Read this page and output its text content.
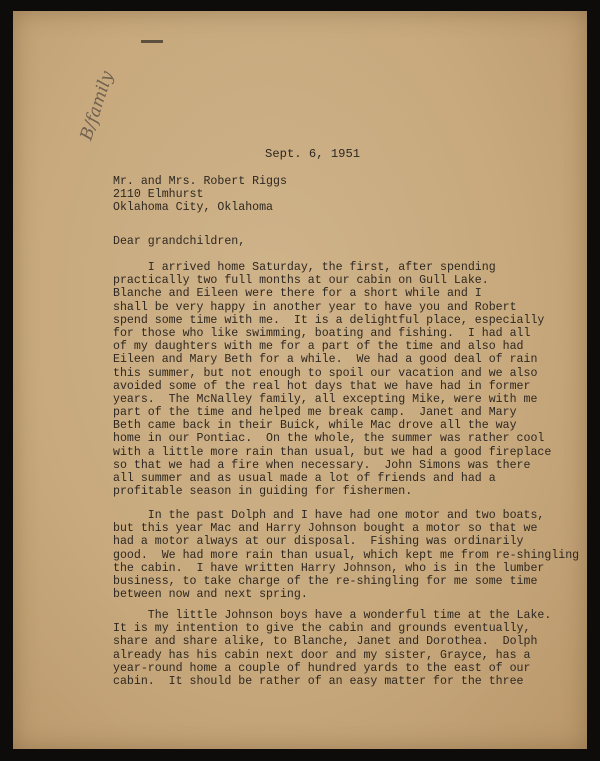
B/family
Sept. 6, 1951
Mr. and Mrs. Robert Riggs
2110 Elmhurst
Oklahoma City, Oklahoma
Dear grandchildren,
I arrived home Saturday, the first, after spending
practically two full months at our cabin on Gull Lake.
Blanche and Eileen were there for a short while and I
shall be very happy in another year to have you and Robert
spend some time with me.  It is a delightful place, especially
for those who like swimming, boating and fishing.  I had all
of my daughters with me for a part of the time and also had
Eileen and Mary Beth for a while.  We had a good deal of rain
this summer, but not enough to spoil our vacation and we also
avoided some of the real hot days that we have had in former
years.  The McNalley family, all excepting Mike, were with me
part of the time and helped me break camp.  Janet and Mary
Beth came back in their Buick, while Mac drove all the way
home in our Pontiac.  On the whole, the summer was rather cool
with a little more rain than usual, but we had a good fireplace
so that we had a fire when necessary.  John Simons was there
all summer and as usual made a lot of friends and had a
profitable season in guiding for fishermen.
In the past Dolph and I have had one motor and two boats,
but this year Mac and Harry Johnson bought a motor so that we
had a motor always at our disposal.  Fishing was ordinarily
good.  We had more rain than usual, which kept me from re-shingling
the cabin.  I have written Harry Johnson, who is in the lumber
business, to take charge of the re-shingling for me some time
between now and next spring.
The little Johnson boys have a wonderful time at the Lake.
It is my intention to give the cabin and grounds eventually,
share and share alike, to Blanche, Janet and Dorothea.  Dolph
already has his cabin next door and my sister, Grayce, has a
year-round home a couple of hundred yards to the east of our
cabin.  It should be rather of an easy matter for the three
